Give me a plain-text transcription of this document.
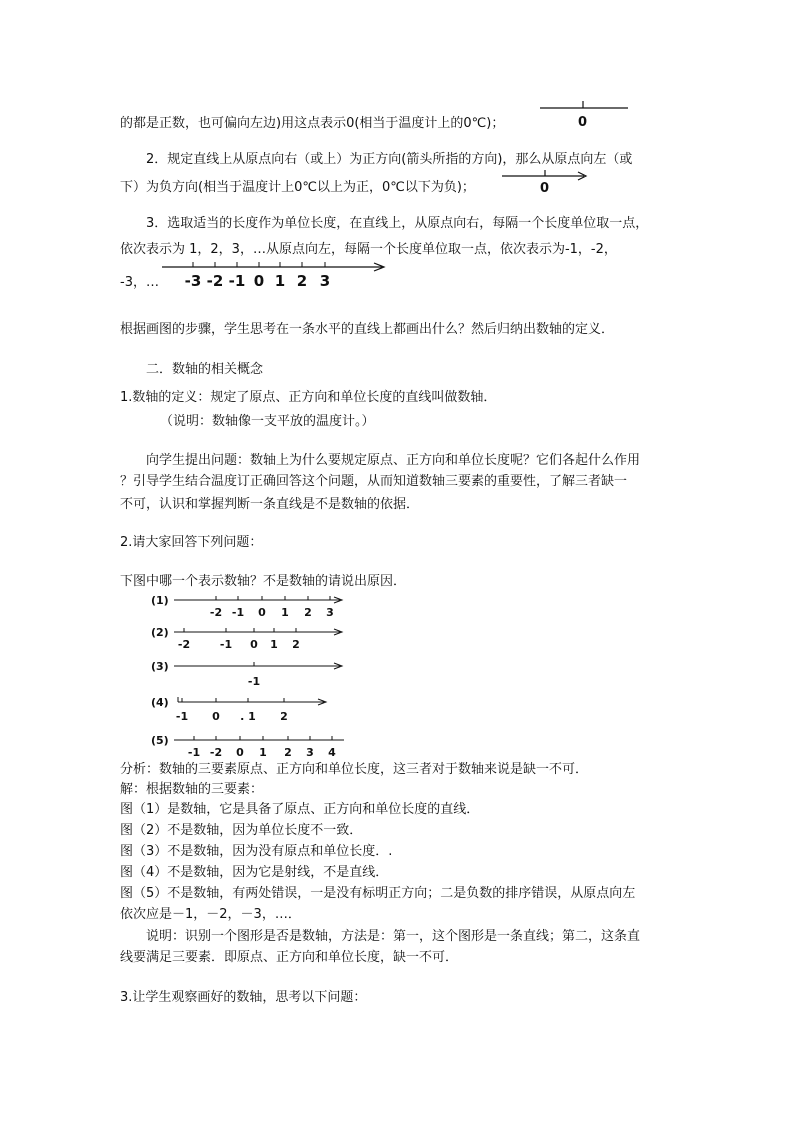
的都是正数，也可偏向左边)用这点表示0(相当于温度计上的0℃)；	0
2．规定直线上从原点向右（或上）为正方向(箭头所指的方向)，那么从原点向左（或
下）为负方向(相当于温度计上0℃以上为正，0℃以下为负)；	0
3．选取适当的长度作为单位长度，在直线上，从原点向右，每隔一个长度单位取一点，
依次表示为 1，2，3，…从原点向左，每隔一个长度单位取一点，依次表示为-1，-2，
-3，… -3 -2 -1 0 1 2 3
根据画图的步骤，学生思考在一条水平的直线上都画出什么？然后归纳出数轴的定义．
二．数轴的相关概念
1.数轴的定义：规定了原点、正方向和单位长度的直线叫做数轴．
（说明：数轴像一支平放的温度计。）
向学生提出问题：数轴上为什么要规定原点、正方向和单位长度呢？它们各起什么作用
？引导学生结合温度订正确回答这个问题，从而知道数轴三要素的重要性，了解三者缺一
不可，认识和掌握判断一条直线是不是数轴的依据．
2.请大家回答下列问题：
下图中哪一个表示数轴？不是数轴的请说出原因．
(1)
-2 -1 0 1 2 3
(2)
-2	-1 0 1 2
(3)
-1
(4)
-1 0 . 1 2
(5)
-1 -2 0 1 2 3 4
分析：数轴的三要素原点、正方向和单位长度，这三者对于数轴来说是缺一不可．
解：根据数轴的三要素：
图（1）是数轴，它是具备了原点、正方向和单位长度的直线．
图（2）不是数轴，因为单位长度不一致．
图（3）不是数轴，因为没有原点和单位长度．.
图（4）不是数轴，因为它是射线，不是直线．
图（5）不是数轴，有两处错误，一是没有标明正方向；二是负数的排序错误，从原点向左
依次应是－1，－2，－3，…．
说明：识别一个图形是否是数轴，方法是：第一，这个图形是一条直线；第二，这条直
线要满足三要素．即原点、正方向和单位长度，缺一不可．
3.让学生观察画好的数轴，思考以下问题：
